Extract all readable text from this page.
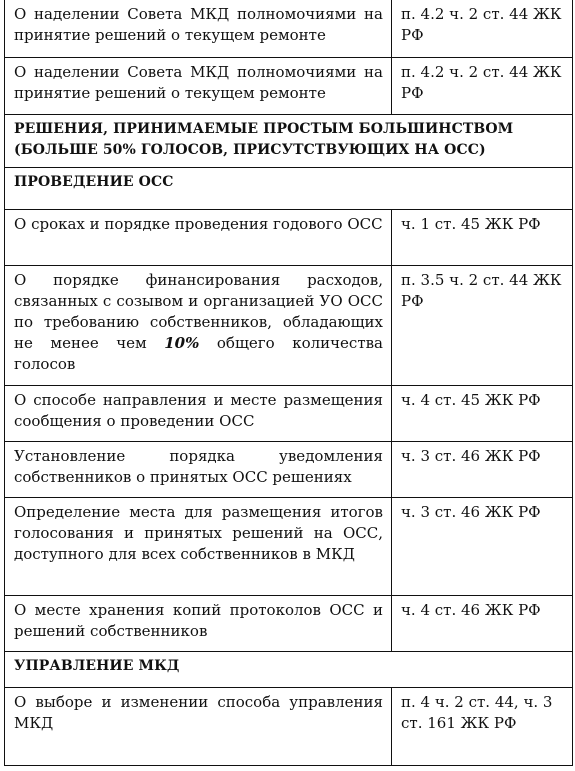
О наделении Совета МКД полномочиями на принятие решений о текущем ремонте	п. 4.2 ч. 2 ст. 44 ЖК РФ
О наделении Совета МКД полномочиями на принятие решений о текущем ремонте	п. 4.2 ч. 2 ст. 44 ЖК РФ
РЕШЕНИЯ, ПРИНИМАЕМЫЕ ПРОСТЫМ БОЛЬШИНСТВОМ (БОЛЬШЕ 50% ГОЛОСОВ, ПРИСУТСТВУЮЩИХ НА ОСС)	
ПРОВЕДЕНИЕ ОСС	
О сроках и порядке проведения годового ОСС	ч. 1 ст. 45 ЖК РФ
О порядке финансирования расходов, связанных с созывом и организацией УО ОСС по требованию собственников, обладающих не менее чем 10% общего количества голосов	п. 3.5 ч. 2 ст. 44 ЖК РФ
О способе направления и месте размещения сообщения о проведении ОСС	ч. 4 ст. 45 ЖК РФ
Установление порядка уведомления собственников о принятых ОСС решениях	ч. 3 ст. 46 ЖК РФ
Определение места для размещения итогов голосования и принятых решений на ОСС, доступного для всех собственников в МКД	ч. 3 ст. 46 ЖК РФ
О месте хранения копий протоколов ОСС и решений собственников	ч. 4 ст. 46 ЖК РФ
УПРАВЛЕНИЕ МКД	
О выборе и изменении способа управления МКД	п. 4 ч. 2 ст. 44, ч. 3 ст. 161 ЖК РФ
